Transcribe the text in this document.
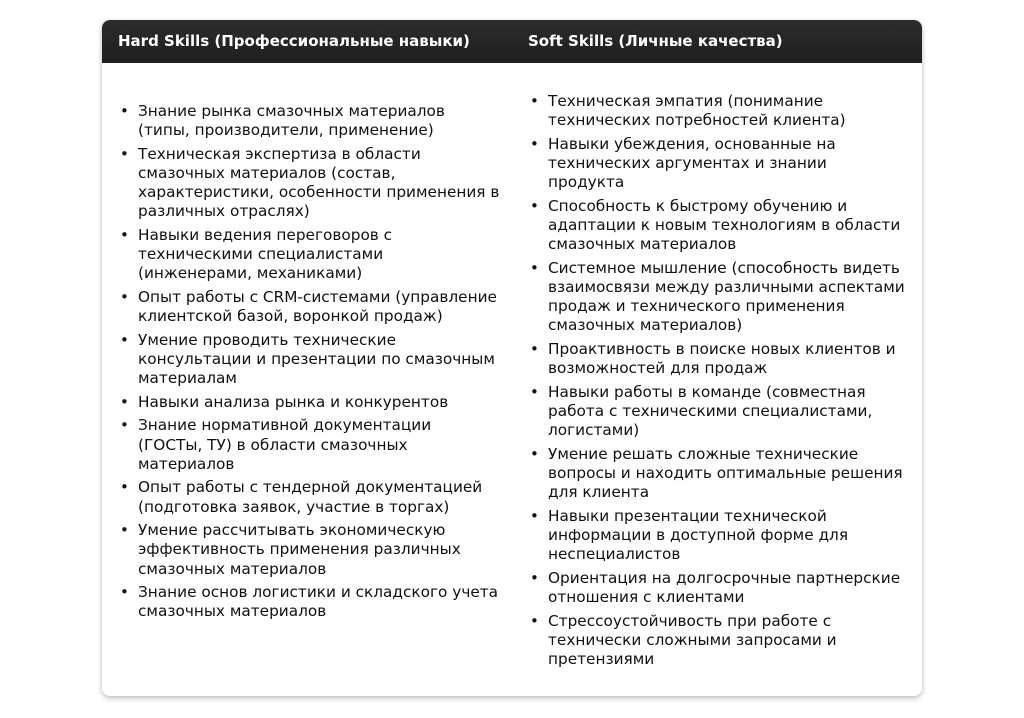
Hard Skills (Профессиональные навыки)	Soft Skills (Личные качества)
• Знание рынка смазочных материалов (типы, производители, применение)
• Техническая экспертиза в области смазочных материалов (состав, характеристики, особенности применения в различных отраслях)
• Навыки ведения переговоров с техническими специалистами (инженерами, механиками)
• Опыт работы с CRM-системами (управление клиентской базой, воронкой продаж)
• Умение проводить технические консультации и презентации по смазочным материалам
• Навыки анализа рынка и конкурентов
• Знание нормативной документации (ГОСТы, ТУ) в области смазочных материалов
• Опыт работы с тендерной документацией (подготовка заявок, участие в торгах)
• Умение рассчитывать экономическую эффективность применения различных смазочных материалов
• Знание основ логистики и складского учета смазочных материалов
• Техническая эмпатия (понимание технических потребностей клиента)
• Навыки убеждения, основанные на технических аргументах и знании продукта
• Способность к быстрому обучению и адаптации к новым технологиям в области смазочных материалов
• Системное мышление (способность видеть взаимосвязи между различными аспектами продаж и технического применения смазочных материалов)
• Проактивность в поиске новых клиентов и возможностей для продаж
• Навыки работы в команде (совместная работа с техническими специалистами, логистами)
• Умение решать сложные технические вопросы и находить оптимальные решения для клиента
• Навыки презентации технической информации в доступной форме для неспециалистов
• Ориентация на долгосрочные партнерские отношения с клиентами
• Стрессоустойчивость при работе с технически сложными запросами и претензиями
